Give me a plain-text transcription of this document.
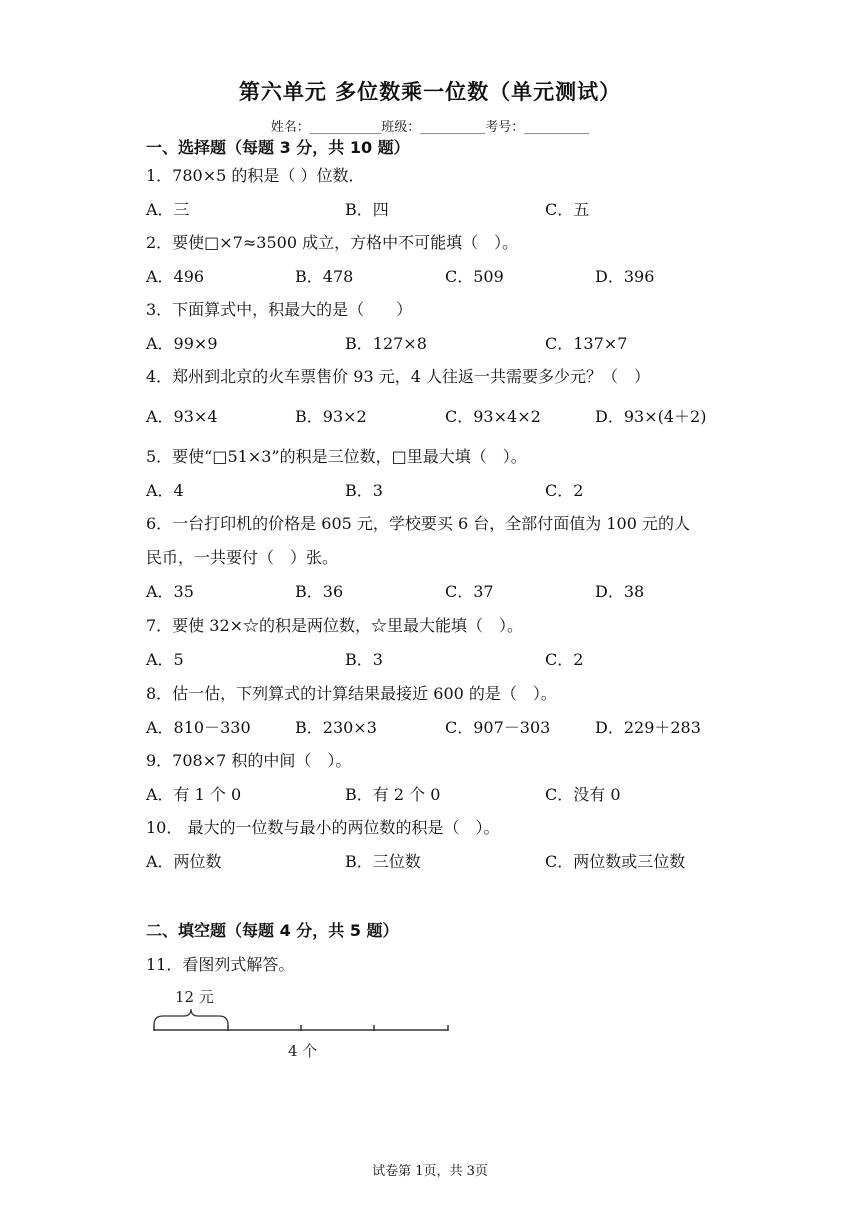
第六单元 多位数乘一位数（单元测试）
姓名：___________班级：__________考号：__________
一、选择题（每题 3 分，共 10 题）
1．780×5 的积是（ ）位数．
A．三	B．四	C．五
2．要使□×7≈3500 成立，方格中不可能填（　）。
A．496	B．478	C．509	D．396
3．下面算式中，积最大的是（　　）
A．99×9	B．127×8	C．137×7
4．郑州到北京的火车票售价 93 元，4 人往返一共需要多少元？（　）
A．93×4	B．93×2	C．93×4×2	D．93×(4＋2)
5．要使“□51×3”的积是三位数，□里最大填（　）。
A．4	B．3	C．2
6．一台打印机的价格是 605 元，学校要买 6 台，全部付面值为 100 元的人
民币，一共要付（　）张。
A．35	B．36	C．37	D．38
7．要使 32×☆的积是两位数，☆里最大能填（　）。
A．5	B．3	C．2
8．估一估，下列算式的计算结果最接近 600 的是（　）。
A．810－330	B．230×3	C．907－303	D．229＋283
9．708×7 积的中间（　）。
A．有 1 个 0	B．有 2 个 0	C．没有 0
10． 最大的一位数与最小的两位数的积是（　）。
A．两位数	B．三位数	C．两位数或三位数
二、填空题（每题 4 分，共 5 题）
11．看图列式解答。
12 元
4 个
试卷第 1页，共 3页
